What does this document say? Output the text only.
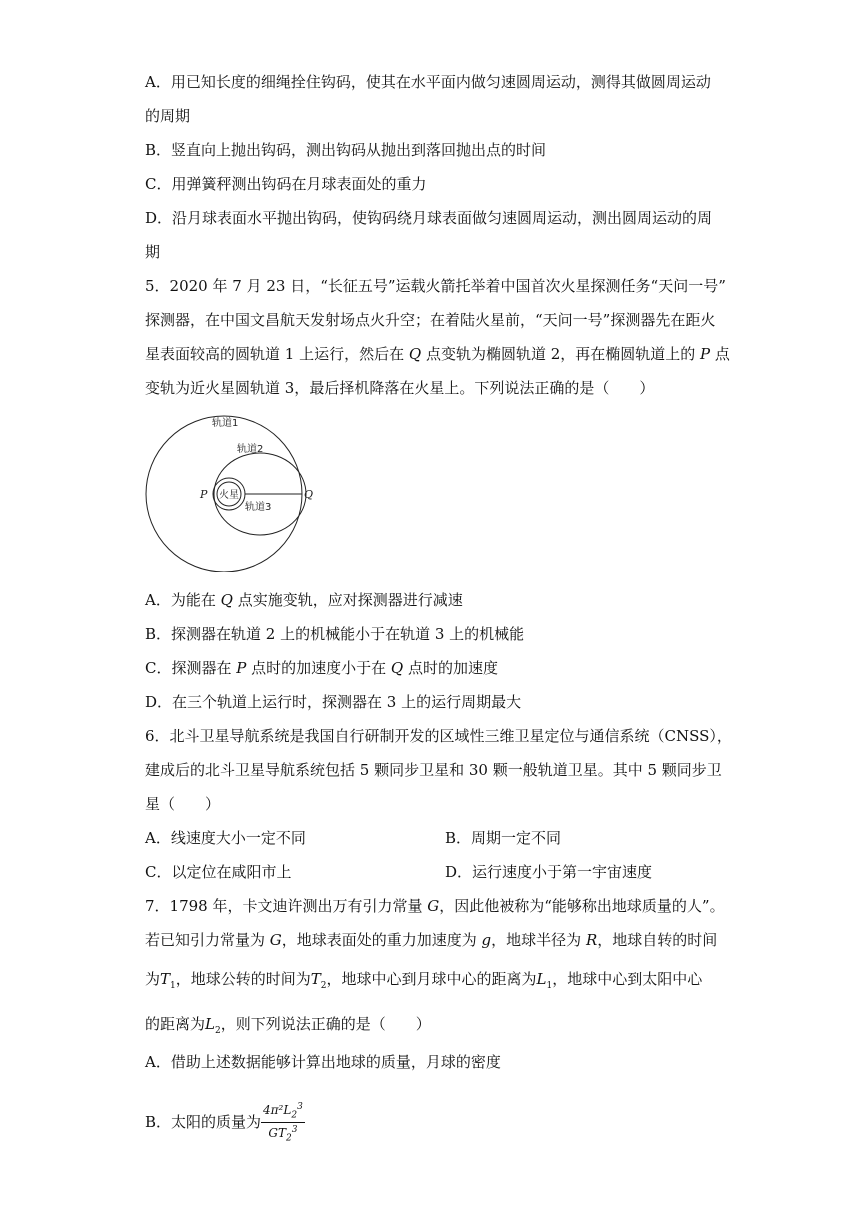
A．用已知长度的细绳拴住钩码，使其在水平面内做匀速圆周运动，测得其做圆周运动
的周期
B．竖直向上抛出钩码，测出钩码从抛出到落回抛出点的时间
C．用弹簧秤测出钩码在月球表面处的重力
D．沿月球表面水平抛出钩码，使钩码绕月球表面做匀速圆周运动，测出圆周运动的周
期
5．2020 年 7 月 23 日，“长征五号”运载火箭托举着中国首次火星探测任务“天问一号”
探测器，在中国文昌航天发射场点火升空；在着陆火星前，“天问一号”探测器先在距火
星表面较高的圆轨道 1 上运行，然后在 Q 点变轨为椭圆轨道 2，再在椭圆轨道上的 P 点
变轨为近火星圆轨道 3，最后择机降落在火星上。下列说法正确的是（　　）
轨道1
轨道2
轨道3
火星
P	Q
A．为能在 Q 点实施变轨，应对探测器进行减速
B．探测器在轨道 2 上的机械能小于在轨道 3 上的机械能
C．探测器在 P 点时的加速度小于在 Q 点时的加速度
D．在三个轨道上运行时，探测器在 3 上的运行周期最大
6．北斗卫星导航系统是我国自行研制开发的区域性三维卫星定位与通信系统（CNSS），
建成后的北斗卫星导航系统包括 5 颗同步卫星和 30 颗一般轨道卫星。其中 5 颗同步卫
星（　　）
A．线速度大小一定不同	B．周期一定不同
C．以定位在咸阳市上	D．运行速度小于第一宇宙速度
7．1798 年，卡文迪许测出万有引力常量 G，因此他被称为“能够称出地球质量的人”。
若已知引力常量为 G，地球表面处的重力加速度为 g，地球半径为 R，地球自转的时间
为$T_1$，地球公转的时间为$T_2$，地球中心到月球中心的距离为$L_1$，地球中心到太阳中心
的距离为$L_2$，则下列说法正确的是（　　）
A．借助上述数据能够计算出地球的质量，月球的密度
B．太阳的质量为 $\frac{4\pi^2L_2^3}{GT_2^3}$
